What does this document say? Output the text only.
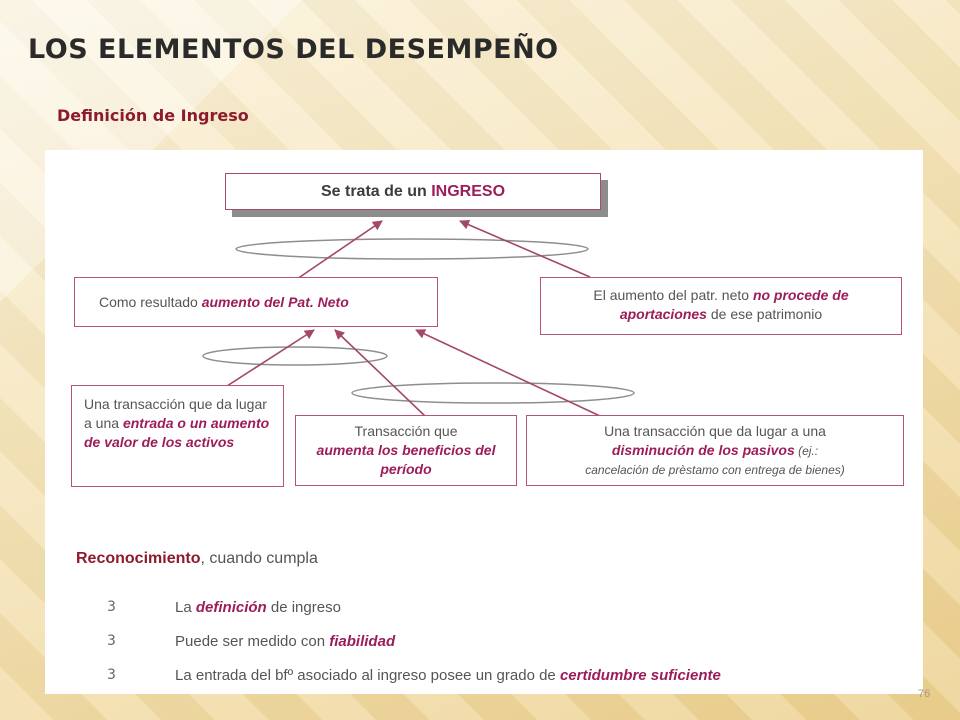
LOS ELEMENTOS DEL DESEMPEÑO
Definición de Ingreso
Se trata de un INGRESO
Como resultado aumento del Pat. Neto	El aumento del patr. neto no procede de aportaciones de ese patrimonio
Una transacción que da lugar a una entrada o un aumento de valor de los activos
Transacción que
aumenta los beneficios del período
Una transacción que da lugar a una
disminución de los pasivos (ej.:
cancelación de prèstamo con entrega de bienes)

Reconocimiento, cuando cumpla

3	La definición de ingreso
3	Puede ser medido con fiabilidad
3	La entrada del bfº asociado al ingreso posee un grado de certidumbre suficiente
76
